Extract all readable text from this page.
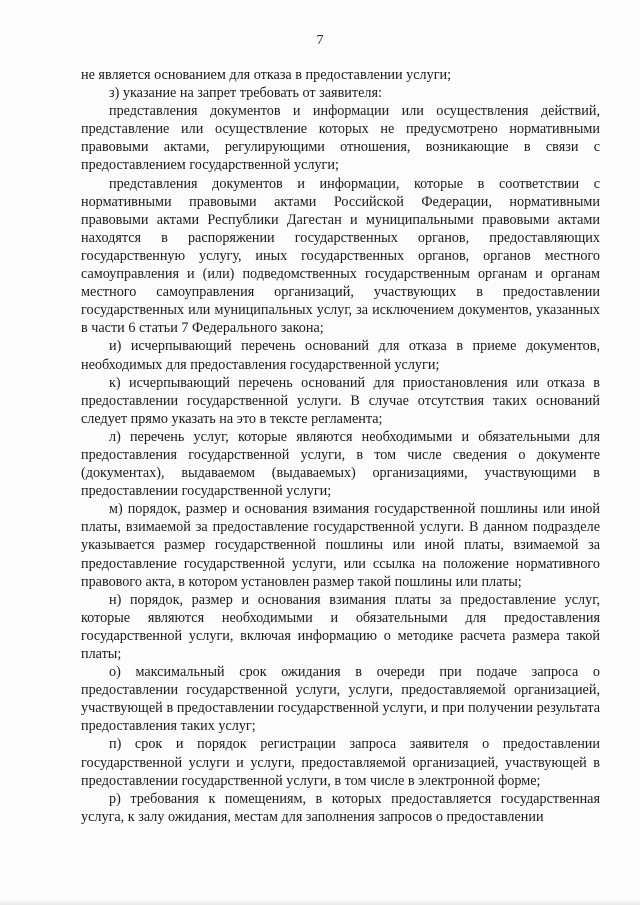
7

не является основанием для отказа в предоставлении услуги;

з) указание на запрет требовать от заявителя:

представления документов и информации или осуществления действий, представление или осуществление которых не предусмотрено нормативными правовыми актами, регулирующими отношения, возникающие в связи с предоставлением государственной услуги;

представления документов и информации, которые в соответствии с нормативными правовыми актами Российской Федерации, нормативными правовыми актами Республики Дагестан и муниципальными правовыми актами находятся в распоряжении государственных органов, предоставляющих государственную услугу, иных государственных органов, органов местного самоуправления и (или) подведомственных государственным органам и органам местного самоуправления организаций, участвующих в предоставлении государственных или муниципальных услуг, за исключением документов, указанных в части 6 статьи 7 Федерального закона;

и) исчерпывающий перечень оснований для отказа в приеме документов, необходимых для предоставления государственной услуги;

к) исчерпывающий перечень оснований для приостановления или отказа в предоставлении государственной услуги. В случае отсутствия таких оснований следует прямо указать на это в тексте регламента;

л) перечень услуг, которые являются необходимыми и обязательными для предоставления государственной услуги, в том числе сведения о документе (документах), выдаваемом (выдаваемых) организациями, участвующими в предоставлении государственной услуги;

м) порядок, размер и основания взимания государственной пошлины или иной платы, взимаемой за предоставление государственной услуги. В данном подразделе указывается размер государственной пошлины или иной платы, взимаемой за предоставление государственной услуги, или ссылка на положение нормативного правового акта, в котором установлен размер такой пошлины или платы;

н) порядок, размер и основания взимания платы за предоставление услуг, которые являются необходимыми и обязательными для предоставления государственной услуги, включая информацию о методике расчета размера такой платы;

о) максимальный срок ожидания в очереди при подаче запроса о предоставлении государственной услуги, услуги, предоставляемой организацией, участвующей в предоставлении государственной услуги, и при получении результата предоставления таких услуг;

п) срок и порядок регистрации запроса заявителя о предоставлении государственной услуги и услуги, предоставляемой организацией, участвующей в предоставлении государственной услуги, в том числе в электронной форме;

р) требования к помещениям, в которых предоставляется государственная услуга, к залу ожидания, местам для заполнения запросов о предоставлении
